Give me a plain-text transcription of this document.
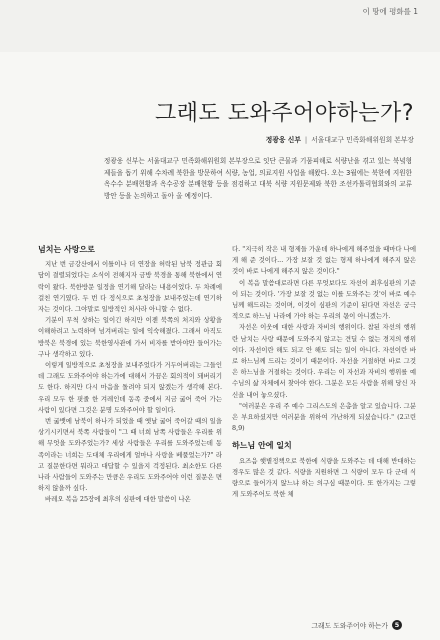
이 땅에 평화를 1
그래도 도와주어야하는가?
정광웅 신부 | 서울대교구 민족화해위원회 본부장

정광웅 신부는 서울대교구 민족화해위원회 본부장으로 잇단 큰물과 기뭄피해로 식량난을 겪고 있는 북녘형제들을 돕기 위해 수차례 북한을 방문하여 식량, 농업, 의료지원 사업을 해왔다. 오는 3월에는 북한에 지원한 옥수수 분배현황과 옥수공장 분배현황 등을 점검하고 대북 식량 지원문제와 북한 조선카톨릭협회와의 교류방안 등을 논의하고 돌아 올 예정이다.

넘치는 사랑으로

지난 번 금강산에서 이틀이나 더 연장을 허락된 남북 정관급 회담이 결렬되었다는 소식이 전해지자 금방 북경을 통해 북한에서 연락이 왔다. 북한방문 일정을 연기해 달라는 내용이었다. 두 차례에 걸친 연기였다. 두 번 다 정식으로 초청장을 보내주었는데 연기하자는 것이다. 그야말로 일방적인 처사라 아니할 수 없다.

기분이 무척 상하는 일이긴 하지만 이젠 북쪽의 처지와 상황을 이해하려고 노력하며 넘겨버리는 일에 익숙해졌다. 그래서 아직도 방북은 북경에 있는 북한영사관에 가서 비자를 받아야만 들어가는구나 생각하고 있다.

이렇게 일방적으로 초청장을 보내주었다가 거두어버리는 그들인데 그래도 도와주어야 하는가에 대해서 가끔은 회의적이 돼버리기도 한다. 하지만 다시 마음을 돌려야 되지 않겠는가 생각해 본다. 우리 모두 한 핏줄 한 겨레인데 동족 중에서 지금 굶어 죽어 가는 사람이 있다면 그것은 분명 도와주어야 할 일이다.

번 굶뱃에 남북이 하나가 되었을 때 옛날 굶어 죽어갈 때의 일을 상기시키면서 북쪽 사람들이 "그 때 너희 남쪽 사람들은 우리를 위해 무엇을 도와주었는가? 세상 사람들은 우리를 도와주었는데 동족이라는 너희는 도대체 우리에게 얼마나 사랑을 베풀었는가?" 라고 질문한다면 뭐라고 대답할 수 있을지 걱정된다. 최소한도 다른 나라 사람들이 도와주는 만큼은 우리도 도와주어야 이런 질문은 면하지 않을까 싶다.

바레오 복음 25장에 최후의 심판에 대한 말씀이 나온

다. "지극히 작은 내 형제들 가운데 하나에게 해주었을 때마다 나에게 해 준 것이다... 가장 보잘 것 없는 형제 하나에게 해주지 않은 것이 바로 나에게 해주지 않은 것이다."

이 복음 말씀대로라면 다른 무엇보다도 자선이 최후심판의 기준이 되는 것이다. '가장 보잘 것 없는 이를 도와주는 것'이 바로 예수님께 해드리는 것이며, 이것이 심판의 기준이 된다면 자선은 궁극적으로 하느님 나라에 가야 하는 우리의 몫이 아니겠는가.

자선은 이웃에 대한 사랑과 자비의 행위이다. 참된 자선의 행위란 남치는 사랑 때문에 도와주지 않고는 견딜 수 없는 경지의 행위이다. 자선이란 해도 되고 안 해도 되는 일이 아니다. 자선이란 바로 하느님께 드리는 것이기 때문이다. 자선을 거절하면 바로 그것은 하느님을 거절하는 것이다. 우리는 이 자선과 자비의 행위를 예수님의 삶 자체에서 찾아야 한다. 그분은 모든 사람을 위해 당신 자신을 내어 놓으셨다.

"여러분은 우리 주 예수 그리스도의 은총을 알고 있습니다. 그분은 부요하셨지만 여러분을 위하여 가난하게 되셨습니다." (2고린 8,9)

하느님 안에 일치

요즈음 햇볕정책으로 북한에 식량을 도와주는 데 대해 반대하는 경우도 많은 것 같다. 식량을 지원하면 그 식량이 모두 다 군대 식량으로 들어가지 않느냐 하는 의구심 때문이다. 또 한가지는 그렇게 도와주어도 북한 체

그래도 도와주어야 하는가	5
